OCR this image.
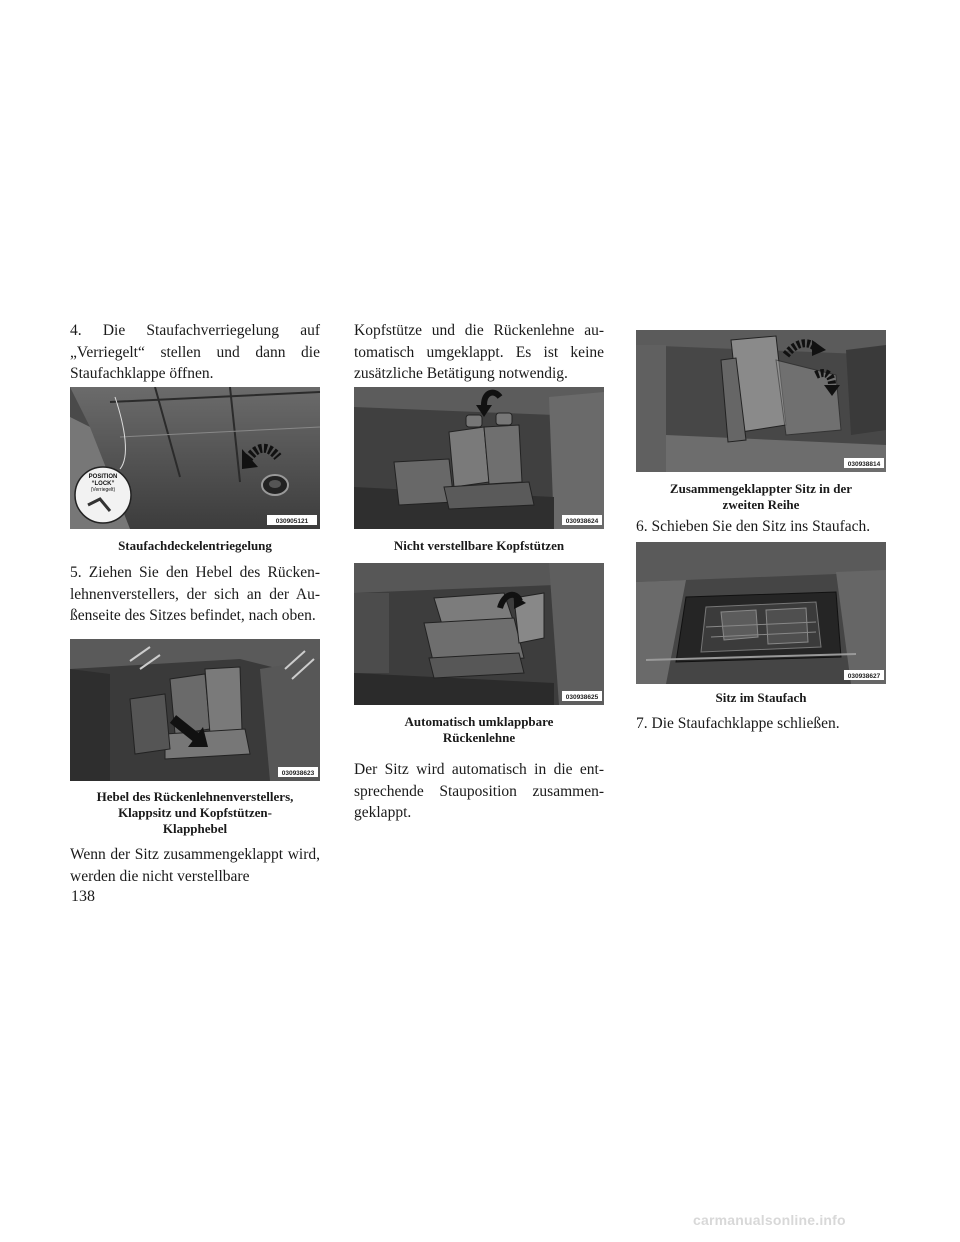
4. Die Staufachverriegelung auf „Verriegelt“ stellen und dann die Staufachklappe öffnen.

POSITION
“LOCK”
(Verriegelt)
030905121
Staufachdeckelentriegelung

5. Ziehen Sie den Hebel des Rücken-lehnenverstellers, der sich an der Au-ßenseite des Sitzes befindet, nach oben.

030938623
Hebel des Rückenlehnenverstellers,
Klappsitz und Kopfstützen-
Klapphebel

Wenn der Sitz zusammengeklappt wird, werden die nicht verstellbare

138

Kopfstütze und die Rückenlehne au-tomatisch umgeklappt. Es ist keine zusätzliche Betätigung notwendig.

030938624
Nicht verstellbare Kopfstützen
030938625
Automatisch umklappbare
Rückenlehne

Der Sitz wird automatisch in die ent-sprechende Stauposition zusammen-geklappt.

030938814
Zusammengeklappter Sitz in der
zweiten Reihe

6. Schieben Sie den Sitz ins Staufach.

030938627
Sitz im Staufach

7. Die Staufachklappe schließen.

carmanualsonline.info
